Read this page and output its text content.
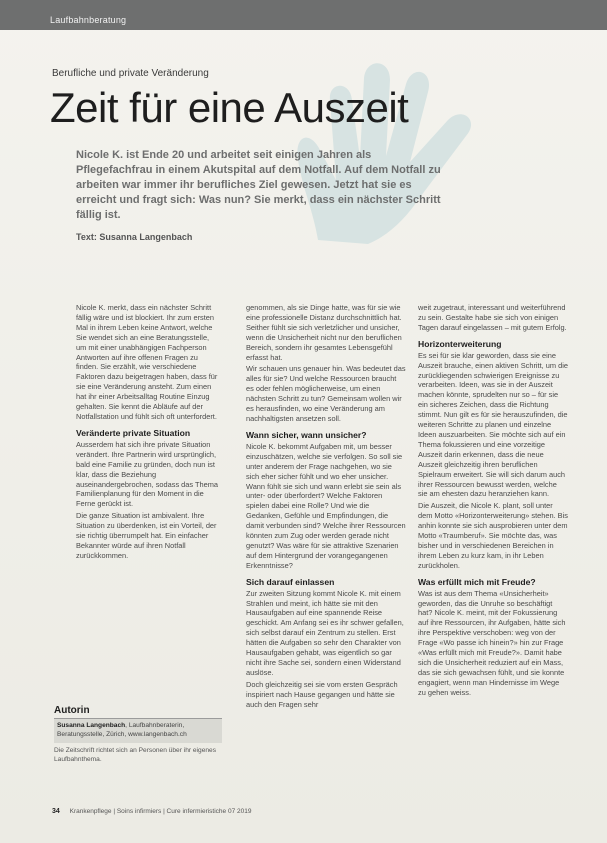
Laufbahnberatung
Berufliche und private Veränderung
Zeit für eine Auszeit
Nicole K. ist Ende 20 und arbeitet seit einigen Jahren als Pflegefachfrau in einem Akutspital auf dem Notfall. Auf dem Notfall zu arbeiten war immer ihr berufliches Ziel gewesen. Jetzt hat sie es erreicht und fragt sich: Was nun? Sie merkt, dass ein nächster Schritt fällig ist.
Text: Susanna Langenbach

Nicole K. merkt, dass ein nächster Schritt fällig wäre und ist blockiert. Ihr zum ersten Mal in ihrem Leben keine Antwort, welche Sie wendet sich an eine Beratungsstelle, um mit einer unabhängigen Fachperson Antworten auf ihre offenen Fragen zu finden. Sie erzählt, wie verschiedene Faktoren dazu beigetragen haben, dass für sie eine Veränderung ansteht. Zum einen hat ihr einer Arbeitsalltag Routine Einzug gehalten. Sie kennt die Abläufe auf der Notfallstation und fühlt sich oft unterfordert.

Veränderte private Situation

Ausserdem hat sich ihre private Situation verändert. Ihre Partnerin wird ursprünglich, bald eine Familie zu gründen, doch nun ist klar, dass die Beziehung auseinandergebrochen, sodass das Thema Familienplanung für den Moment in die Ferne gerückt ist.

Die ganze Situation ist ambivalent. Ihre Situation zu überdenken, ist ein Vorteil, der sie richtig überrumpelt hat. Ein einfacher Bekannter würde auf ihren Notfall zurückkommen.

genommen, als sie Dinge hatte, was für sie wie eine professionelle Distanz durchschnittlich hat. Seither fühlt sie sich verletzlicher und unsicher, wenn die Unsicherheit nicht nur den beruflichen Bereich, sondern ihr gesamtes Lebensgefühl erfasst hat.

Wir schauen uns genauer hin. Was bedeutet das alles für sie? Und welche Ressourcen braucht es oder fehlen möglicherweise, um einen nächsten Schritt zu tun? Gemeinsam wollen wir es herausfinden, wo eine Veränderung am nachhaltigsten ansetzen soll.

Wann sicher, wann unsicher?

Nicole K. bekommt Aufgaben mit, um besser einzuschätzen, welche sie verfolgen. So soll sie unter anderem der Frage nachgehen, wo sie sich eher sicher fühlt und wo eher unsicher. Wann fühlt sie sich und wann erlebt sie sein als unter- oder überfordert? Welche Faktoren spielen dabei eine Rolle? Und wie die Gedanken, Gefühle und Empfindungen, die damit verbunden sind? Welche ihrer Ressourcen könnten zum Zug oder werden gerade nicht genutzt? Was wäre für sie attraktive Szenarien auf dem Hintergrund der vorangegangenen Erkenntnisse?

Sich darauf einlassen

Zur zweiten Sitzung kommt Nicole K. mit einem Strahlen und meint, ich hätte sie mit den Hausaufgaben auf eine spannende Reise geschickt. Am Anfang sei es ihr schwer gefallen, sich selbst darauf ein Zentrum zu stellen. Erst hätten die Aufgaben so sehr den Charakter von Hausaufgaben gehabt, was eigentlich so gar nicht ihre Sache sei, sondern einen Widerstand auslöse.

Doch gleichzeitig sei sie vom ersten Gespräch inspiriert nach Hause gegangen und hätte sie auch den Fragen sehr

weit zugetraut, interessant und weiterführend zu sein. Gestalte habe sie sich von einigen Tagen darauf eingelassen – mit gutem Erfolg.

Horizonterweiterung

Es sei für sie klar geworden, dass sie eine Auszeit brauche, einen aktiven Schritt, um die zurückliegenden schwierigen Ereignisse zu verarbeiten. Ideen, was sie in der Auszeit machen könnte, sprudelten nur so – für sie ein sicheres Zeichen, dass die Richtung stimmt. Nun gilt es für sie herauszufinden, die weiteren Schritte zu planen und einzelne Ideen auszuarbeiten. Sie möchte sich auf ein Thema fokussieren und eine vorzeitige Auszeit darin erkennen, dass die neue Auszeit gleichzeitig ihren beruflichen Spielraum erweitert. Sie will sich darum auch ihrer Ressourcen bewusst werden, welche sie am ehesten dazu heranziehen kann.

Die Auszeit, die Nicole K. plant, soll unter dem Motto «Horizonterweiterung» stehen. Bis anhin konnte sie sich ausprobieren unter dem Motto «Traumberuf». Sie möchte das, was bisher und in verschiedenen Bereichen in ihrem Leben zu kurz kam, in ihr Leben zurückholen.

Was erfüllt mich mit Freude?

Was ist aus dem Thema «Unsicherheit» geworden, das die Unruhe so beschäftigt hat? Nicole K. meint, mit der Fokussierung auf ihre Ressourcen, ihr Aufgaben, hätte sich ihre Perspektive verschoben: weg von der Frage «Wo passe ich hinein?» hin zur Frage «Was erfüllt mich mit Freude?». Damit habe sich die Unsicherheit reduziert auf ein Mass, das sie sich gewachsen fühlt, und sie konnte engagiert, wenn man Hindernisse im Wege zu gehen weiss.

Autorin
Susanna Langenbach, Laufbahnberaterin, Beratungsstelle, Zürich, www.langenbach.ch
Die Zeitschrift richtet sich an Personen über ihr eigenes Laufbahnthema.
34 Krankenpflege | Soins infirmiers | Cure infermieristiche 07 2019
